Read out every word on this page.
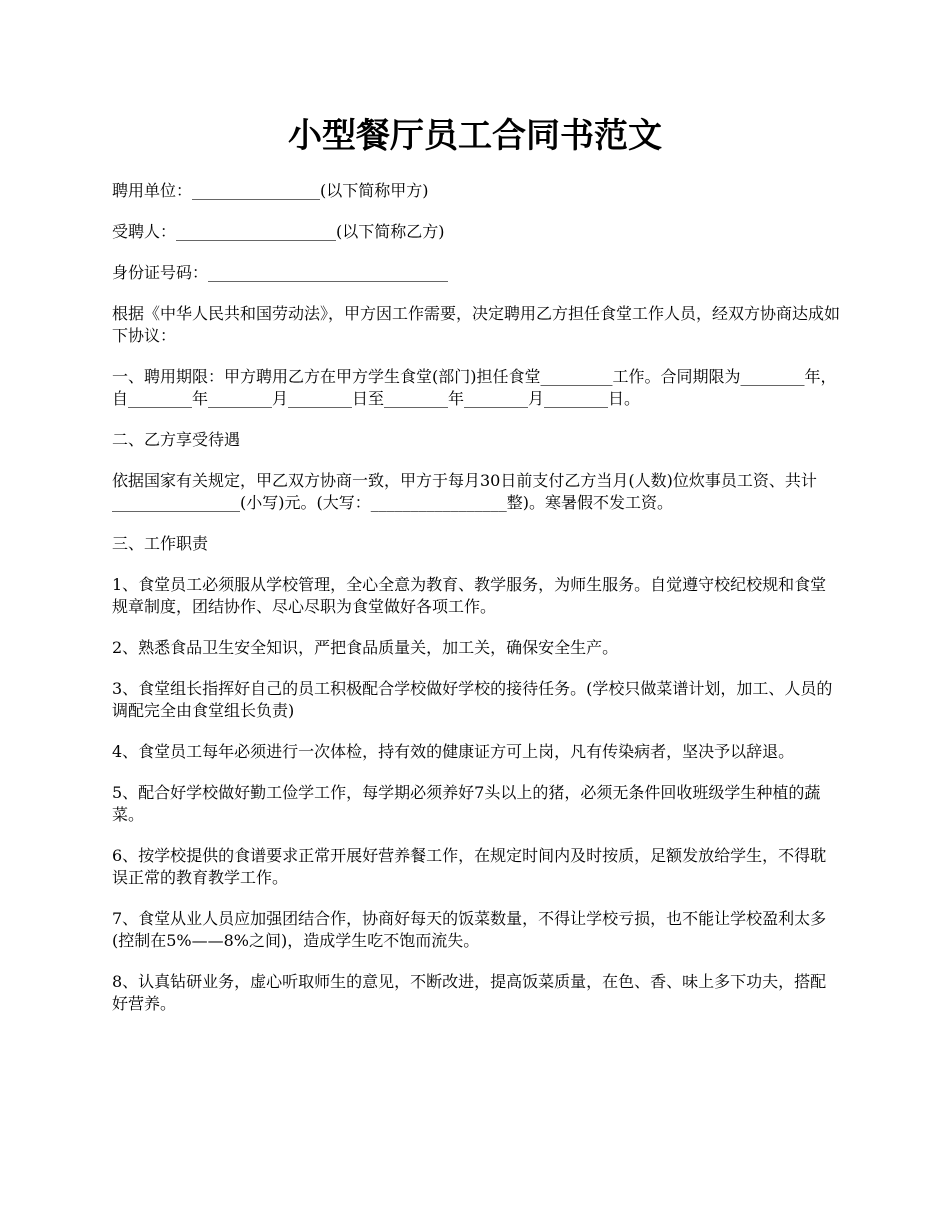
小型餐厅员工合同书范文

聘用单位：________________(以下简称甲方)

受聘人：____________________(以下简称乙方)

身份证号码：______________________________

根据《中华人民共和国劳动法》，甲方因工作需要，决定聘用乙方担任食堂工作人员，经双方协商达成如下协议：

一、聘用期限：甲方聘用乙方在甲方学生食堂(部门)担任食堂_________工作。合同期限为________年，自________年________月________日至________年________月________日。

二、乙方享受待遇

依据国家有关规定，甲乙双方协商一致，甲方于每月30日前支付乙方当月(人数)位炊事员工资、共计________________(小写)元。(大写：_________________整)。寒暑假不发工资。

三、工作职责

1、食堂员工必须服从学校管理，全心全意为教育、教学服务，为师生服务。自觉遵守校纪校规和食堂规章制度，团结协作、尽心尽职为食堂做好各项工作。

2、熟悉食品卫生安全知识，严把食品质量关，加工关，确保安全生产。

3、食堂组长指挥好自己的员工积极配合学校做好学校的接待任务。(学校只做菜谱计划，加工、人员的调配完全由食堂组长负责)

4、食堂员工每年必须进行一次体检，持有效的健康证方可上岗，凡有传染病者，坚决予以辞退。

5、配合好学校做好勤工俭学工作，每学期必须养好7头以上的猪，必须无条件回收班级学生种植的蔬菜。

6、按学校提供的食谱要求正常开展好营养餐工作，在规定时间内及时按质，足额发放给学生，不得耽误正常的教育教学工作。

7、食堂从业人员应加强团结合作，协商好每天的饭菜数量，不得让学校亏损，也不能让学校盈利太多(控制在5%——8%之间)，造成学生吃不饱而流失。

8、认真钻研业务，虚心听取师生的意见，不断改进，提高饭菜质量，在色、香、味上多下功夫，搭配好营养。
